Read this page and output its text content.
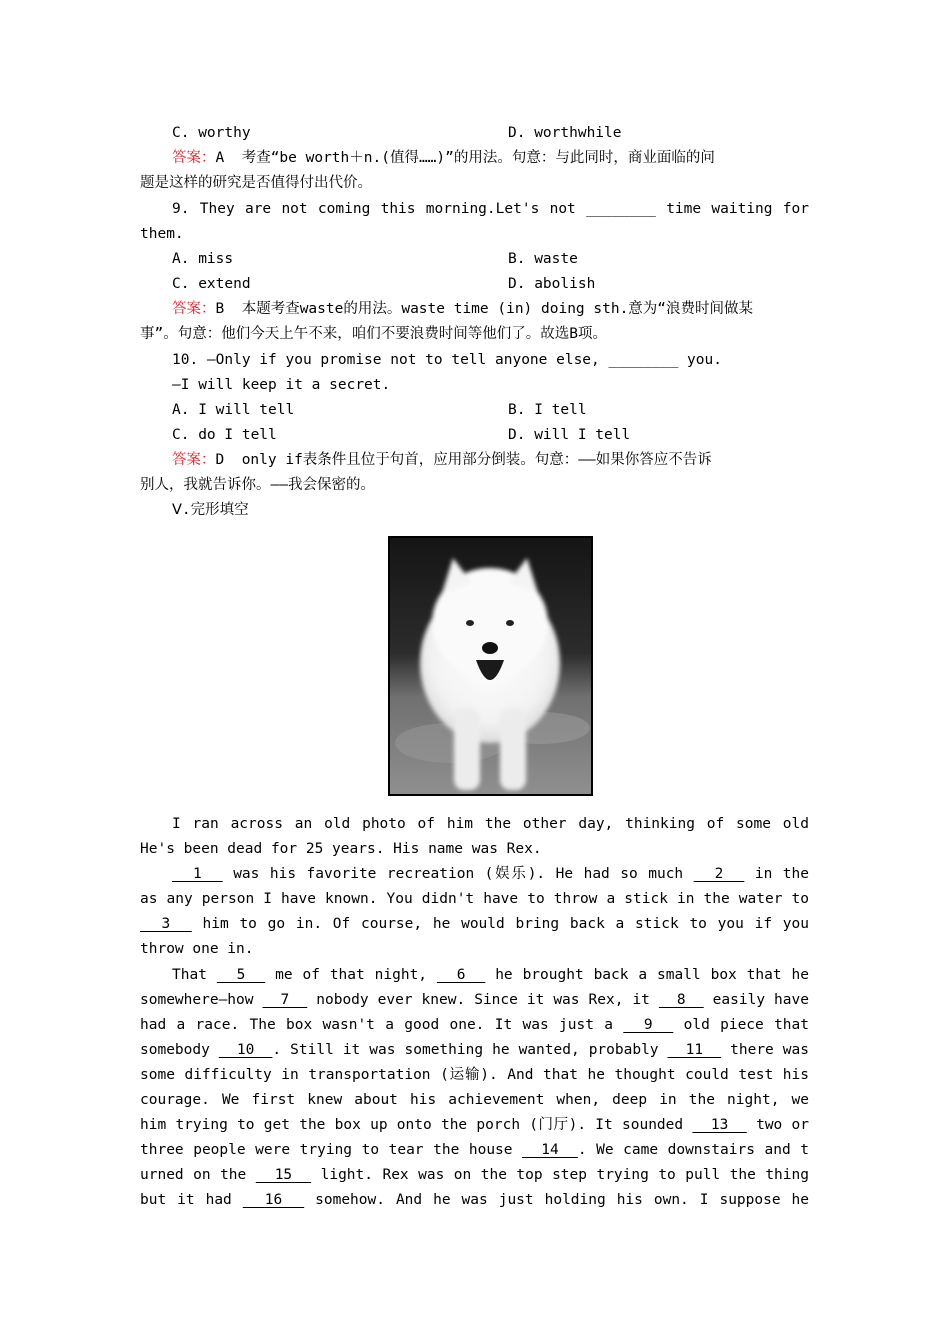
C. worthy	D. worthwhile
答案：A  考查“be worth＋n.(值得……)”的用法。句意：与此同时，商业面临的问
题是这样的研究是否值得付出代价。
9. They are not coming this morning.Let's not ________ time waiting for
them.
A. miss	B. waste
C. extend	D. abolish
答案：B  本题考查waste的用法。waste time (in) doing sth.意为“浪费时间做某
事”。句意：他们今天上午不来，咱们不要浪费时间等他们了。故选B项。
10. —Only if you promise not to tell anyone else, ________ you.
—I will keep it a secret.
A. I will tell	B. I tell
C. do I tell	D. will I tell
答案：D  only if表条件且位于句首，应用部分倒装。句意：——如果你答应不告诉
别人，我就告诉你。——我会保密的。
Ⅴ.完形填空
I ran across an old photo of him the other day, thinking of some old
He's been dead for 25 years. His name was Rex.
1   was his favorite recreation (娱乐). He had so much   2   in the
as any person I have known. You didn't have to throw a stick in the water to
3   him to go in. Of course, he would bring back a stick to you if you
throw one in.
That   5   me of that night,   6   he brought back a small box that he
somewhere—how   7   nobody ever knew. Since it was Rex, it   8   easily have
had a race. The box wasn't a good one. It was just a   9   old piece that
somebody   10  . Still it was something he wanted, probably   11   there was
some difficulty in transportation (运输). And that he thought could test his
courage. We first knew about his achievement when, deep in the night, we
him trying to get the box up onto the porch (门厅). It sounded   13   two or
three people were trying to tear the house   14  . We came downstairs and t
urned on the   15   light. Rex was on the top step trying to pull the thing
but it had   16   somehow. And he was just holding his own. I suppose he
